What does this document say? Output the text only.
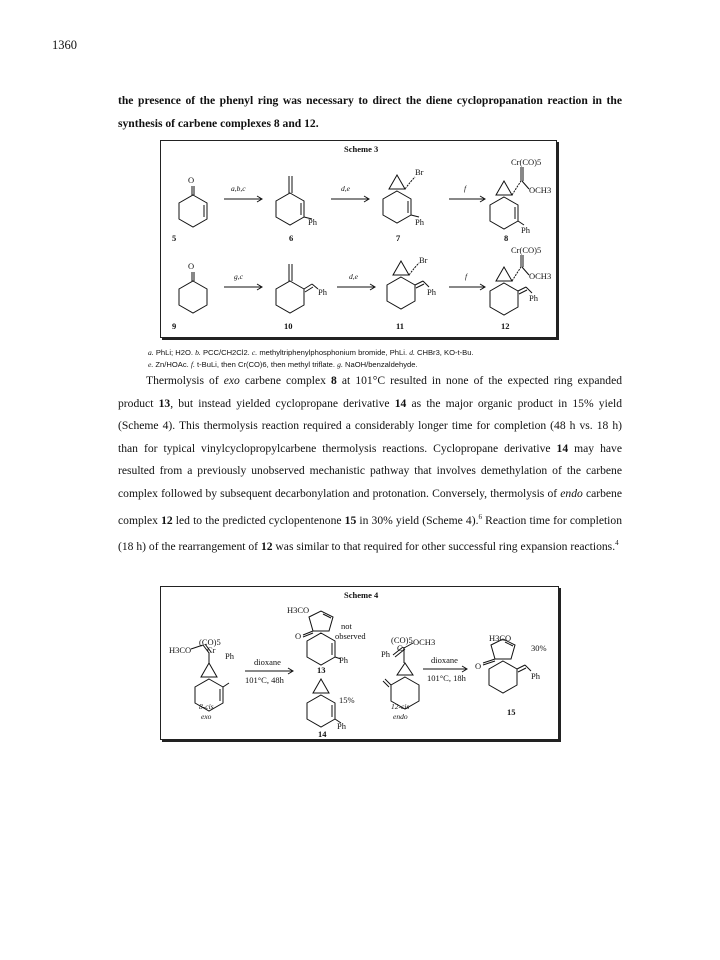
1360
the presence of the phenyl ring was necessary to direct the diene cyclopropanation reaction in the synthesis of carbene complexes 8 and 12.
Scheme 3
O
5
a,b,c
Ph
6
d,e
Br
Ph
7
f
Cr(CO)5
OCH3
Ph
8
O
9
g,c
Ph
10
d,e
Br
Ph
11
f
Cr(CO)5
OCH3
Ph
12
a. PhLi; H2O. b. PCC/CH2Cl2. c. methyltriphenylphosphonium bromide, PhLi. d. CHBr3, KO-t-Bu.
e. Zn/HOAc. f. t-BuLi, then Cr(CO)6, then methyl triflate. g. NaOH/benzaldehyde.
Thermolysis of exo carbene complex 8 at 101°C resulted in none of the expected ring expanded product 13, but instead yielded cyclopropane derivative 14 as the major organic product in 15% yield (Scheme 4). This thermolysis reaction required a considerably longer time for completion (48 h vs. 18 h) than for typical vinylcyclopropylcarbene thermolysis reactions. Cyclopropane derivative 14 may have resulted from a previously unobserved mechanistic pathway that involves demethylation of the carbene complex followed by subsequent decarbonylation and protonation. Conversely, thermolysis of endo carbene complex 12 led to the predicted cyclopentenone 15 in 30% yield (Scheme 4).$^6$ Reaction time for completion (18 h) of the rearrangement of 12 was similar to that required for other successful ring expansion reactions.$^4$
Scheme 4
H3CO
(CO)5
Cr
Ph
8-cis
exo
dioxane
101°C, 48h
H3CO
O
not
observed
Ph
13
15%
Ph
14
(CO)5
Cr
Ph
OCH3
12-cis
endo
dioxane
101°C, 18h
H3CO
30%
O
Ph
15
